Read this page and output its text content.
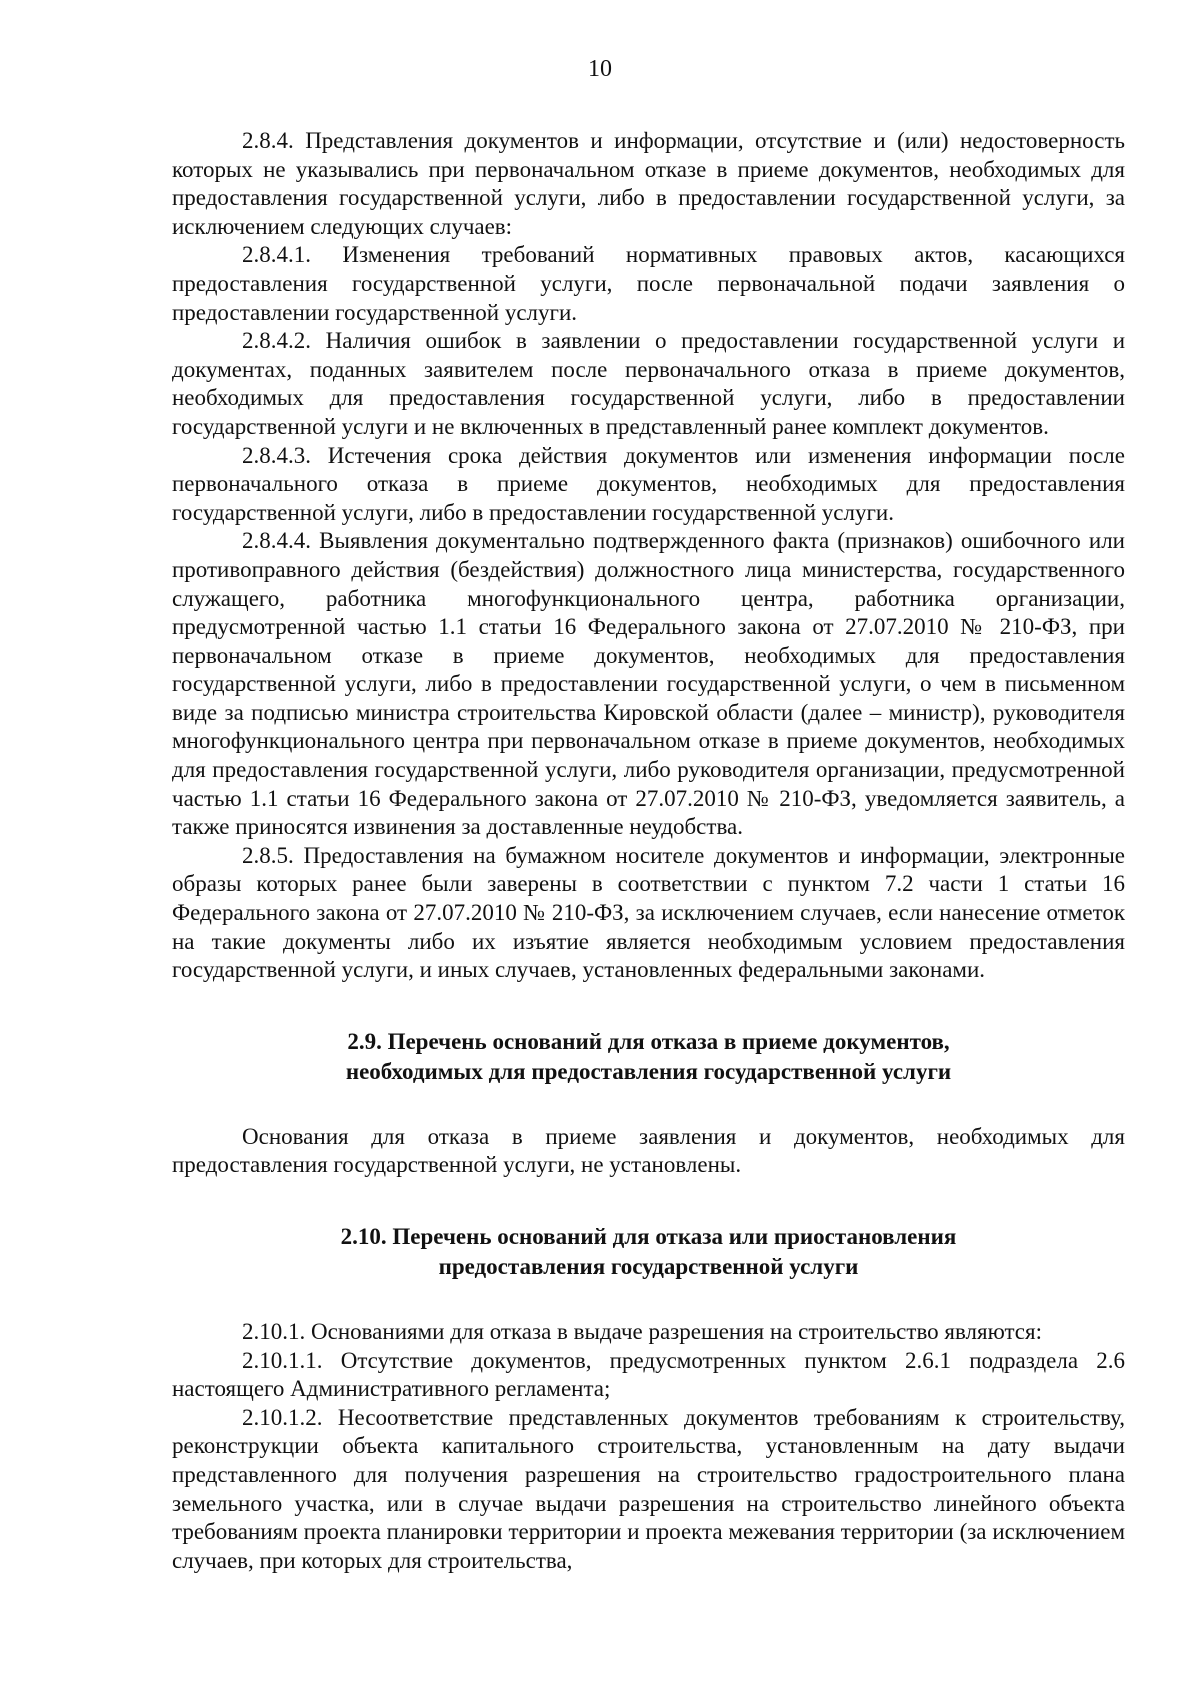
10

2.8.4. Представления документов и информации, отсутствие и (или) недостоверность которых не указывались при первоначальном отказе в приеме документов, необходимых для предоставления государственной услуги, либо в предоставлении государственной услуги, за исключением следующих случаев:

2.8.4.1. Изменения требований нормативных правовых актов, касающихся предоставления государственной услуги, после первоначальной подачи заявления о предоставлении государственной услуги.

2.8.4.2. Наличия ошибок в заявлении о предоставлении государственной услуги и документах, поданных заявителем после первоначального отказа в приеме документов, необходимых для предоставления государственной услуги, либо в предоставлении государственной услуги и не включенных в представленный ранее комплект документов.

2.8.4.3. Истечения срока действия документов или изменения информации после первоначального отказа в приеме документов, необходимых для предоставления государственной услуги, либо в предоставлении государственной услуги.

2.8.4.4. Выявления документально подтвержденного факта (признаков) ошибочного или противоправного действия (бездействия) должностного лица министерства, государственного служащего, работника многофункционального центра, работника организации, предусмотренной частью 1.1 статьи 16 Федерального закона от 27.07.2010 № 210-ФЗ, при первоначальном отказе в приеме документов, необходимых для предоставления государственной услуги, либо в предоставлении государственной услуги, о чем в письменном виде за подписью министра строительства Кировской области (далее – министр), руководителя многофункционального центра при первоначальном отказе в приеме документов, необходимых для предоставления государственной услуги, либо руководителя организации, предусмотренной частью 1.1 статьи 16 Федерального закона от 27.07.2010 № 210-ФЗ, уведомляется заявитель, а также приносятся извинения за доставленные неудобства.

2.8.5. Предоставления на бумажном носителе документов и информации, электронные образы которых ранее были заверены в соответствии с пунктом 7.2 части 1 статьи 16 Федерального закона от 27.07.2010 № 210-ФЗ, за исключением случаев, если нанесение отметок на такие документы либо их изъятие является необходимым условием предоставления государственной услуги, и иных случаев, установленных федеральными законами.

2.9. Перечень оснований для отказа в приеме документов,

необходимых для предоставления государственной услуги

Основания для отказа в приеме заявления и документов, необходимых для предоставления государственной услуги, не установлены.

2.10. Перечень оснований для отказа или приостановления

предоставления государственной услуги

2.10.1. Основаниями для отказа в выдаче разрешения на строительство являются:

2.10.1.1. Отсутствие документов, предусмотренных пунктом 2.6.1 подраздела 2.6 настоящего Административного регламента;

2.10.1.2. Несоответствие представленных документов требованиям к строительству, реконструкции объекта капитального строительства, установленным на дату выдачи представленного для получения разрешения на строительство градостроительного плана земельного участка, или в случае выдачи разрешения на строительство линейного объекта требованиям проекта планировки территории и проекта межевания территории (за исключением случаев, при которых для строительства,
